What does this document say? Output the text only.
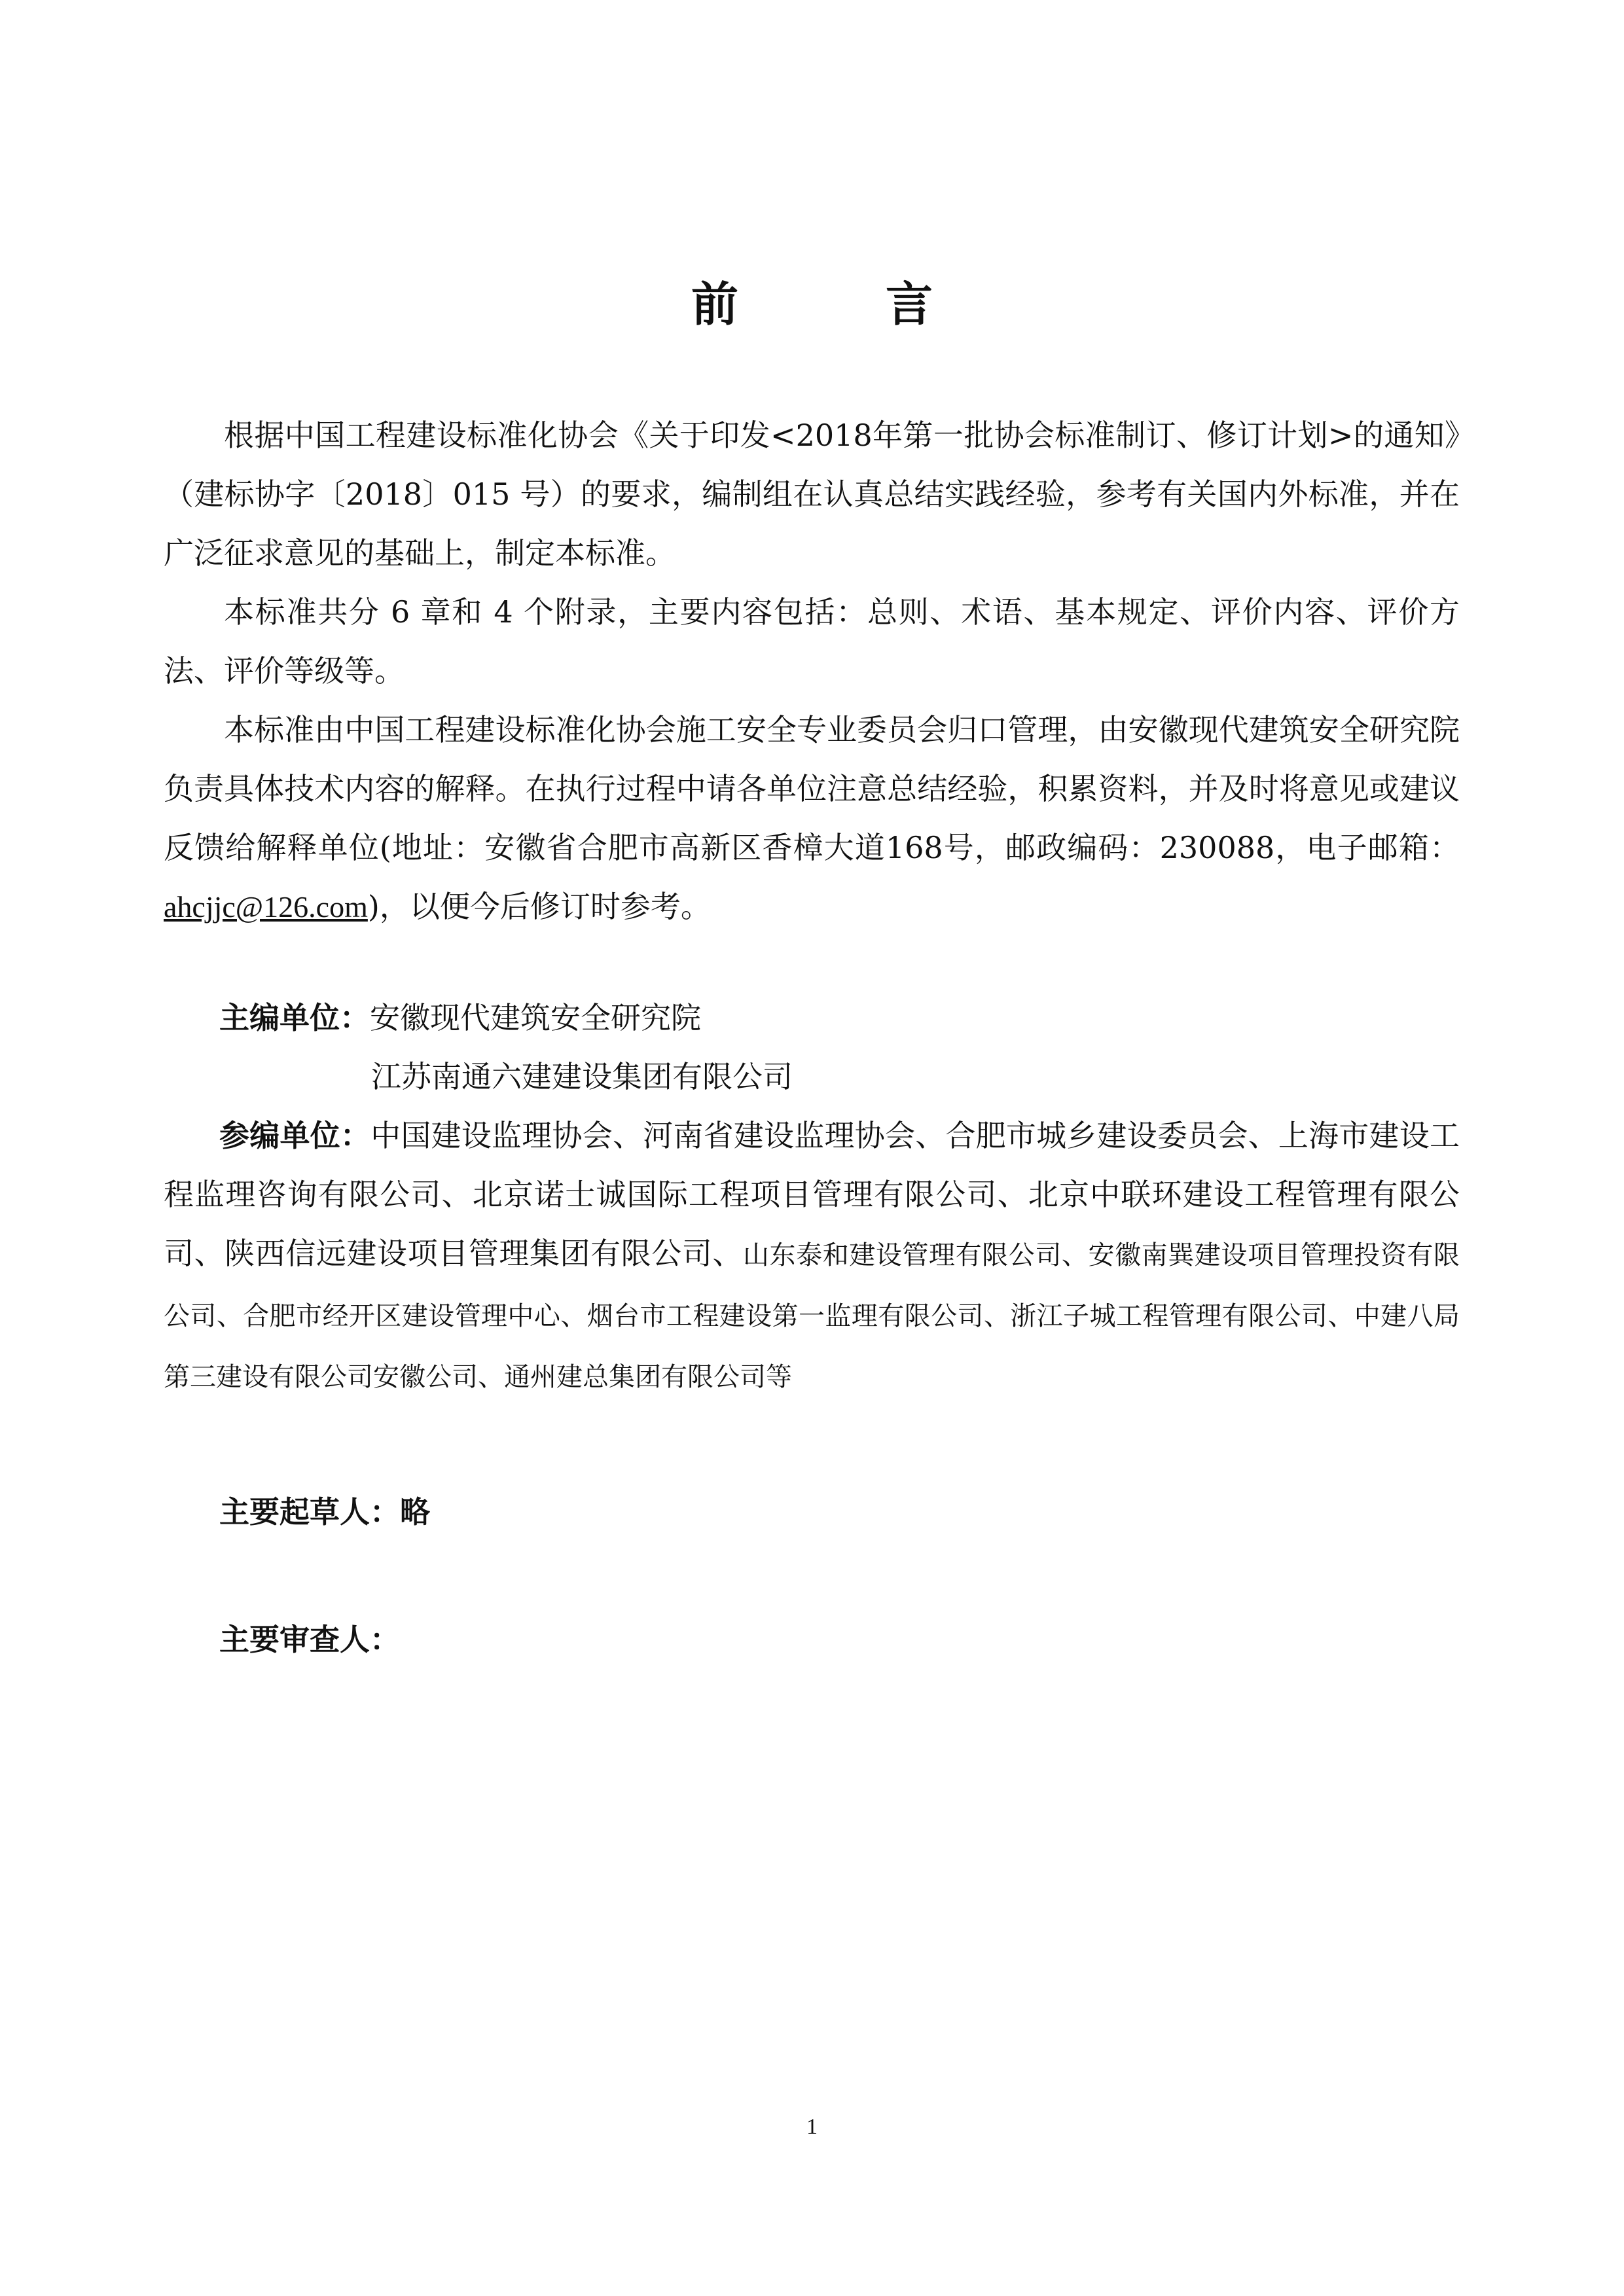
前 言

根据中国工程建设标准化协会《关于印发<2018年第一批协会标准制订、修订计划>的通知》（建标协字〔2018〕015 号）的要求，编制组在认真总结实践经验，参考有关国内外标准，并在广泛征求意见的基础上，制定本标准。

本标准共分 6 章和 4 个附录，主要内容包括：总则、术语、基本规定、评价内容、评价方法、评价等级等。

本标准由中国工程建设标准化协会施工安全专业委员会归口管理，由安徽现代建筑安全研究院负责具体技术内容的解释。在执行过程中请各单位注意总结经验，积累资料，并及时将意见或建议反馈给解释单位(地址：安徽省合肥市高新区香樟大道168号，邮政编码：230088，电子邮箱：ahcjjc@126.com)，以便今后修订时参考。

主编单位：安徽现代建筑安全研究院
江苏南通六建建设集团有限公司

参编单位：中国建设监理协会、河南省建设监理协会、合肥市城乡建设委员会、上海市建设工程监理咨询有限公司、北京诺士诚国际工程项目管理有限公司、北京中联环建设工程管理有限公司、陕西信远建设项目管理集团有限公司、山东泰和建设管理有限公司、安徽南巽建设项目管理投资有限公司、合肥市经开区建设管理中心、烟台市工程建设第一监理有限公司、浙江子城工程管理有限公司、中建八局第三建设有限公司安徽公司、通州建总集团有限公司等

主要起草人：略
主要审查人：
1
